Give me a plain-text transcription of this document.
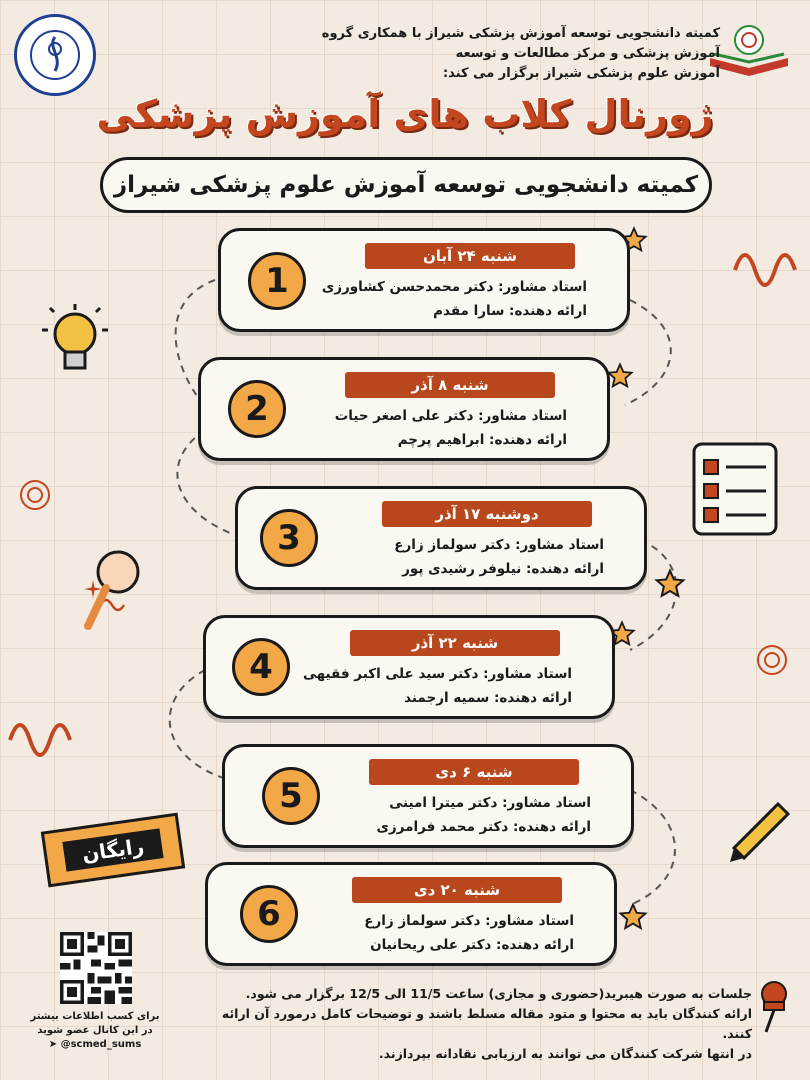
کمیته دانشجویی توسعه آموزش پزشکی شیراز با همکاری گروه آموزش پزشکی و مرکز مطالعات و توسعه
آموزش علوم پزشکی شیراز برگزار می کند:
ژورنال کلاب های آموزش پزشکی
کمیته دانشجویی توسعه آموزش علوم پزشکی شیراز
شنبه ۲۴ آبان
استاد مشاور: دکتر محمدحسن کشاورزی
ارائه دهنده: سارا مقدم
1
شنبه ۸ آذر
استاد مشاور: دکتر علی اصغر حیات
ارائه دهنده: ابراهیم پرچم
2
دوشنبه ۱۷ آذر
استاد مشاور: دکتر سولماز زارع
ارائه دهنده: نیلوفر رشیدی پور
3
شنبه ۲۲ آذر
استاد مشاور: دکتر سید علی اکبر فقیهی
ارائه دهنده: سمیه ارجمند
4
شنبه ۶ دی
استاد مشاور: دکتر میترا امینی
ارائه دهنده: دکتر محمد فرامرزی
5
شنبه ۲۰ دی
استاد مشاور: دکتر سولماز زارع
ارائه دهنده: دکتر علی ریحانیان
6
رایگان
برای کسب اطلاعات بیشتر
در این کانال عضو شوید
➤ @scmed_sums
جلسات به صورت هیبرید(حضوری و مجازی) ساعت 11/5 الی 12/5 برگزار می شود.
ارائه کنندگان باید به محتوا و متود مقاله مسلط باشند و توضیحات کامل درمورد آن ارائه کنند.
در انتها شرکت کنندگان می توانند به ارزیابی نقادانه بپردازند.
